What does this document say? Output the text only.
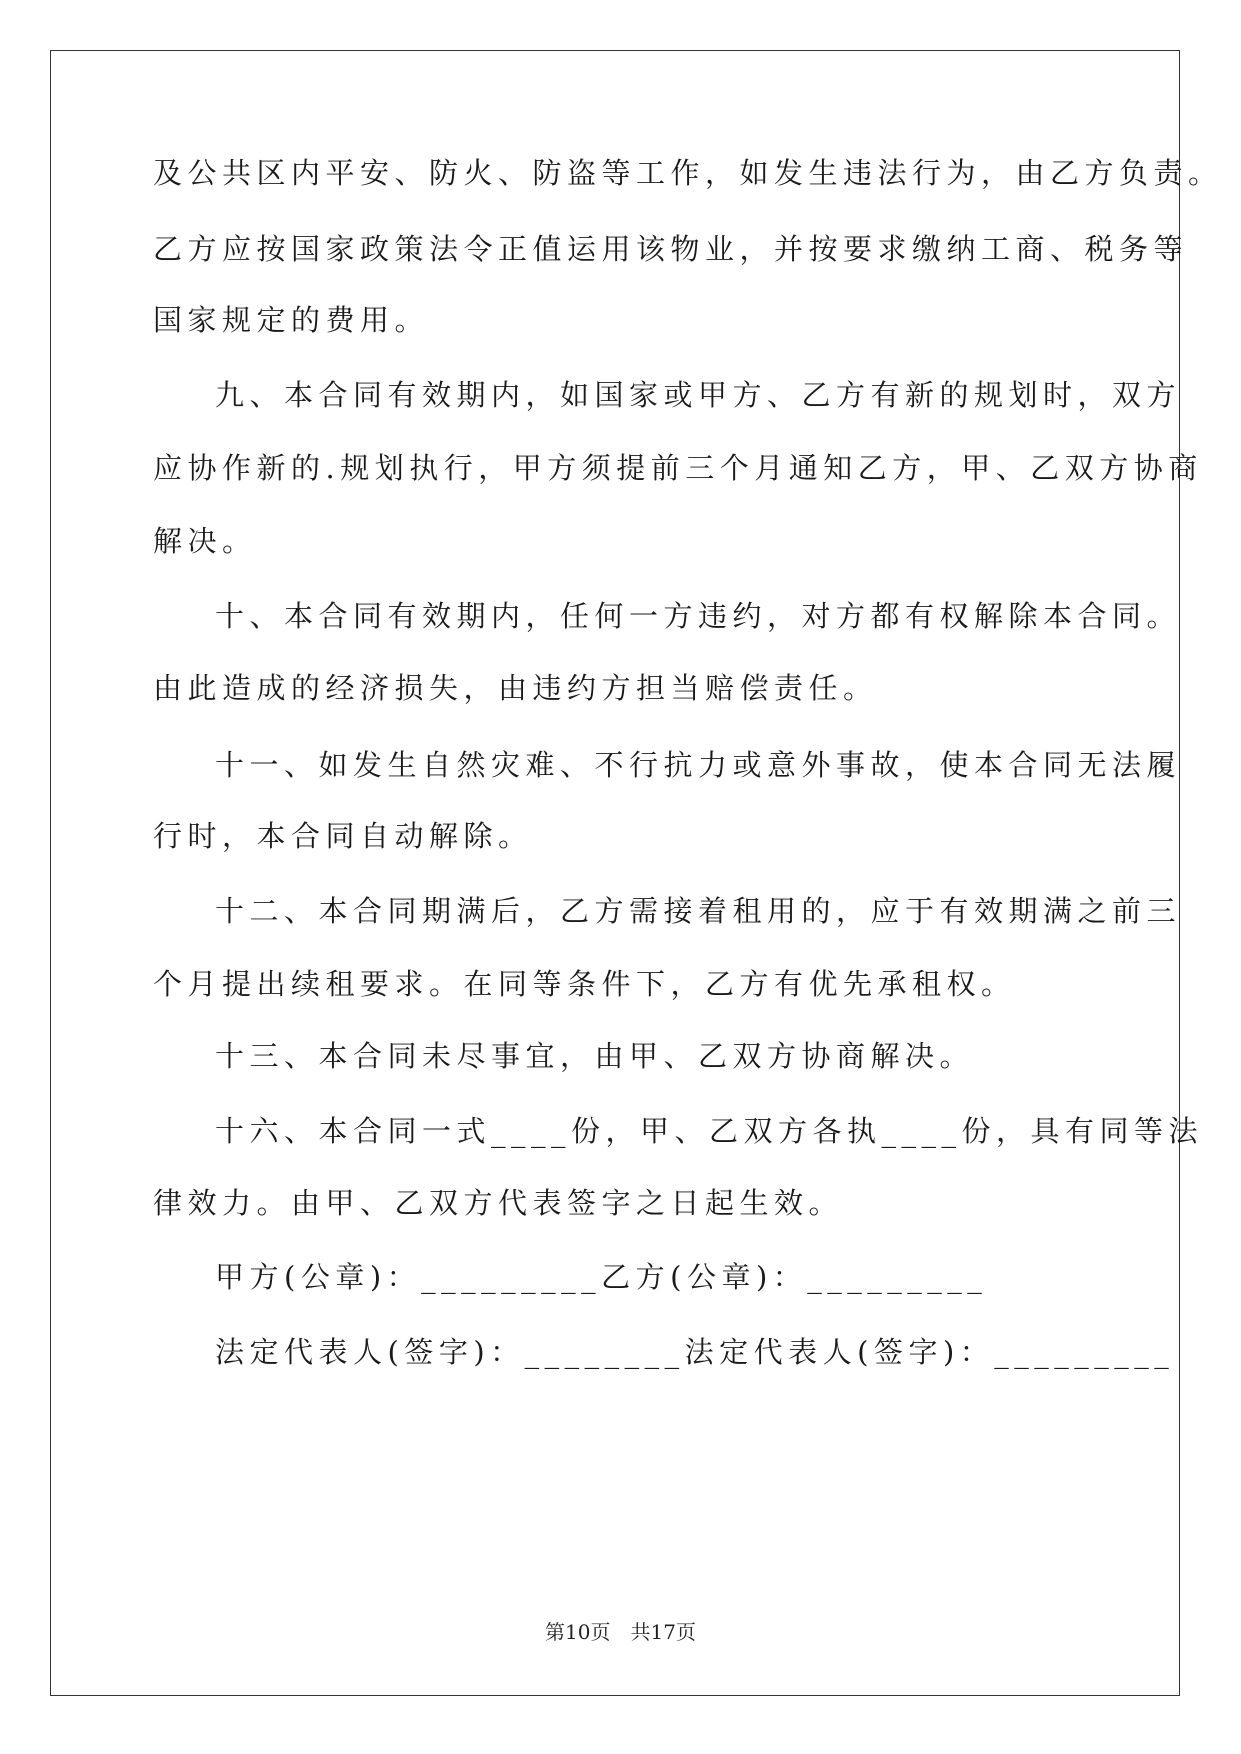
及公共区内平安、防火、防盗等工作，如发生违法行为，由乙方负责。
乙方应按国家政策法令正值运用该物业，并按要求缴纳工商、税务等
国家规定的费用。
九、本合同有效期内，如国家或甲方、乙方有新的规划时，双方
应协作新的.规划执行，甲方须提前三个月通知乙方，甲、乙双方协商
解决。
十、本合同有效期内，任何一方违约，对方都有权解除本合同。
由此造成的经济损失，由违约方担当赔偿责任。
十一、如发生自然灾难、不行抗力或意外事故，使本合同无法履
行时，本合同自动解除。
十二、本合同期满后，乙方需接着租用的，应于有效期满之前三
个月提出续租要求。在同等条件下，乙方有优先承租权。
十三、本合同未尽事宜，由甲、乙双方协商解决。
十六、本合同一式____份，甲、乙双方各执____份，具有同等法
律效力。由甲、乙双方代表签字之日起生效。
甲方(公章)：_________乙方(公章)：_________
法定代表人(签字)：________法定代表人(签字)：_________
第10页　共17页
